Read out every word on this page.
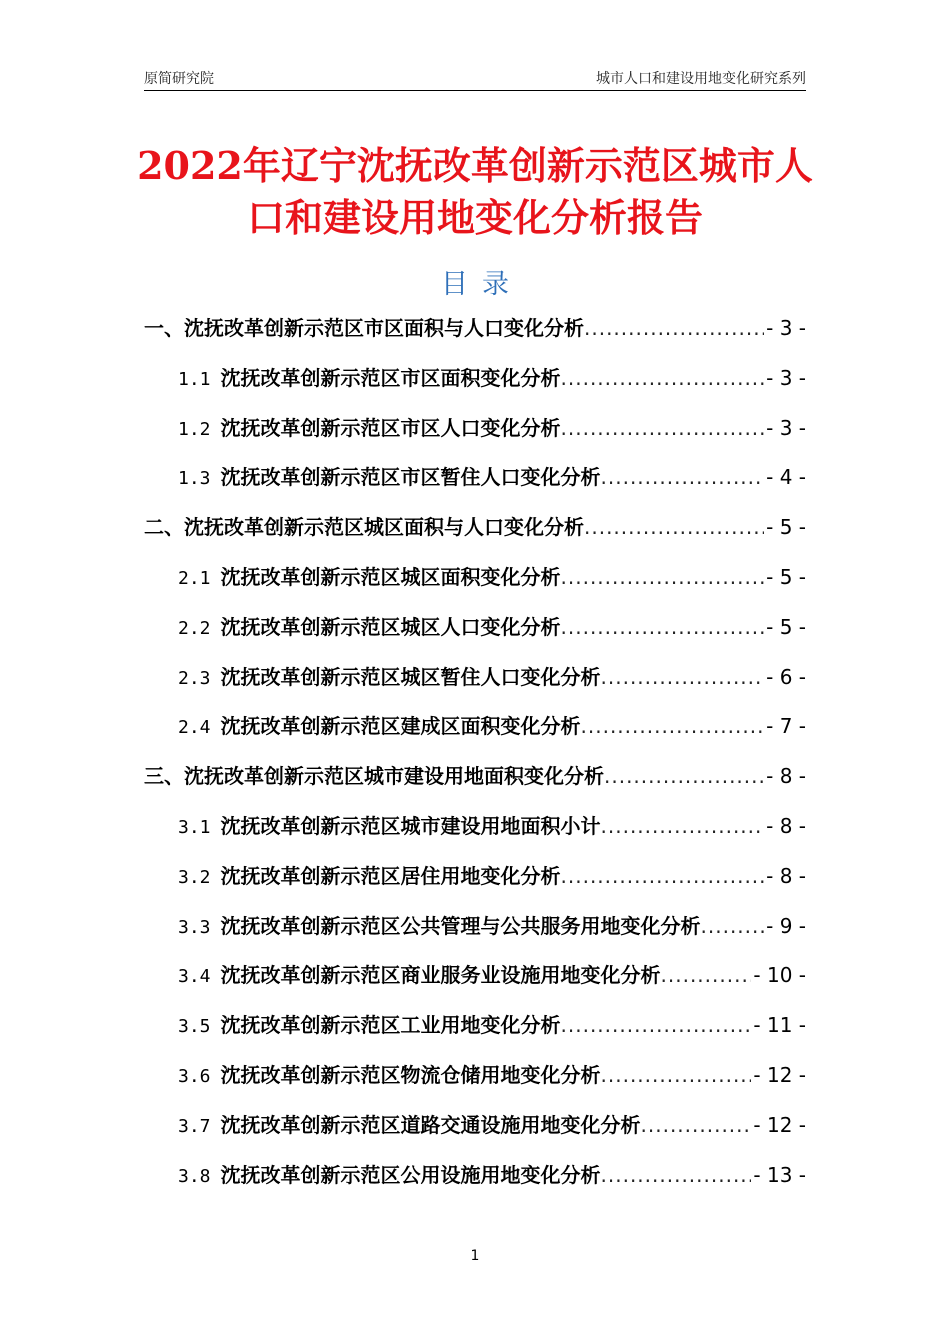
原简研究院	城市人口和建设用地变化研究系列
2022年辽宁沈抚改革创新示范区城市人
口和建设用地变化分析报告
目录
一、沈抚改革创新示范区市区面积与人口变化分析 .....	- 3 -
1.1 沈抚改革创新示范区市区面积变化分析 .....	- 3 -
1.2 沈抚改革创新示范区市区人口变化分析 .....	- 3 -
1.3 沈抚改革创新示范区市区暂住人口变化分析 .....	- 4 -
二、沈抚改革创新示范区城区面积与人口变化分析 .....	- 5 -
2.1 沈抚改革创新示范区城区面积变化分析 .....	- 5 -
2.2 沈抚改革创新示范区城区人口变化分析 .....	- 5 -
2.3 沈抚改革创新示范区城区暂住人口变化分析 .....	- 6 -
2.4 沈抚改革创新示范区建成区面积变化分析 .....	- 7 -
三、沈抚改革创新示范区城市建设用地面积变化分析 .....	- 8 -
3.1 沈抚改革创新示范区城市建设用地面积小计 .....	- 8 -
3.2 沈抚改革创新示范区居住用地变化分析 .....	- 8 -
3.3 沈抚改革创新示范区公共管理与公共服务用地变化分析 .....	- 9 -
3.4 沈抚改革创新示范区商业服务业设施用地变化分析 .....	- 10 -
3.5 沈抚改革创新示范区工业用地变化分析 .....	- 11 -
3.6 沈抚改革创新示范区物流仓储用地变化分析 .....	- 12 -
3.7 沈抚改革创新示范区道路交通设施用地变化分析 .....	- 12 -
3.8 沈抚改革创新示范区公用设施用地变化分析 .....	- 13 -
1
